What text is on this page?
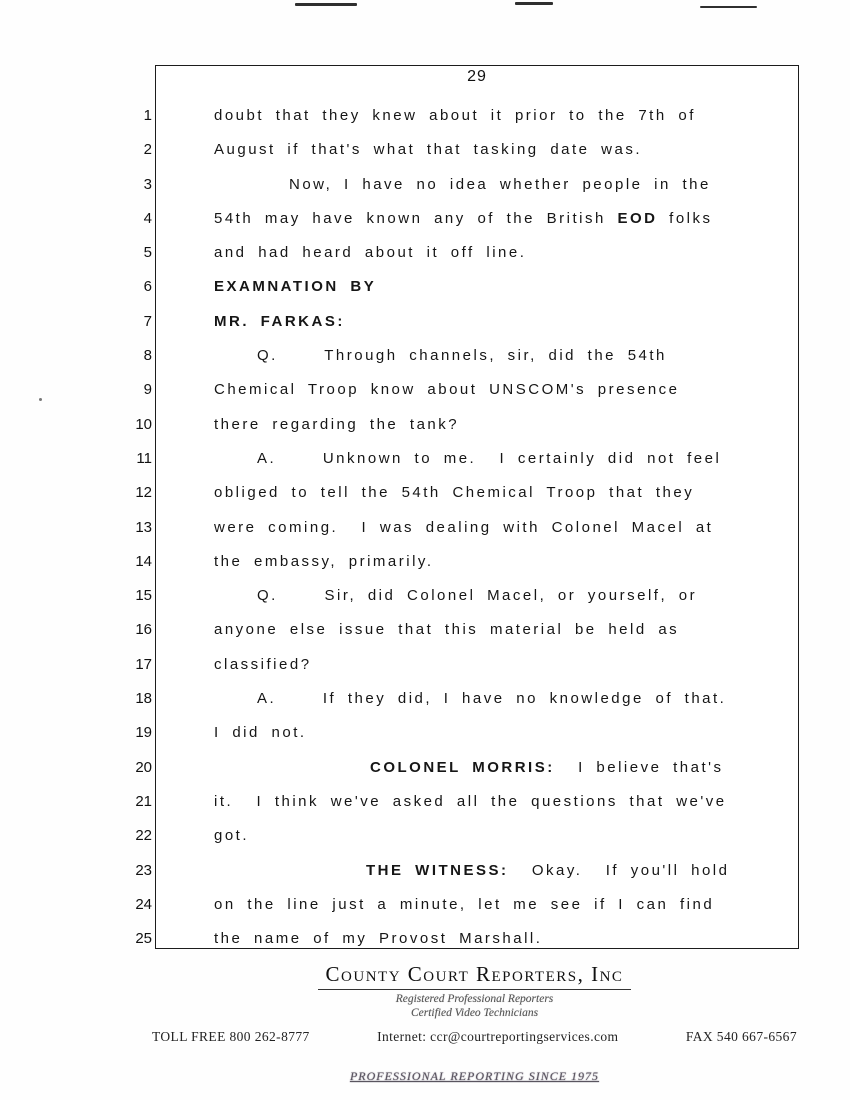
29
1	doubt that they knew about it prior to the 7th of
2	August if that's what that tasking date was.
3	Now, I have no idea whether people in the
4	54th may have known any of the British EOD folks
5	and had heard about it off line.
6	EXAMNATION BY
7	MR. FARKAS:
8	Q.    Through channels, sir, did the 54th
9	Chemical Troop know about UNSCOM's presence
10	there regarding the tank?
11	A.    Unknown to me.  I certainly did not feel
12	obliged to tell the 54th Chemical Troop that they
13	were coming.  I was dealing with Colonel Macel at
14	the embassy, primarily.
15	Q.    Sir, did Colonel Macel, or yourself, or
16	anyone else issue that this material be held as
17	classified?
18	A.    If they did, I have no knowledge of that.
19	I did not.
20	COLONEL MORRIS:  I believe that's
21	it.  I think we've asked all the questions that we've
22	got.
23	THE WITNESS:  Okay.  If you'll hold
24	on the line just a minute, let me see if I can find
25	the name of my Provost Marshall.
County Court Reporters, Inc
Registered Professional Reporters
Certified Video Technicians
TOLL FREE 800 262-8777	Internet: ccr@courtreportingservices.com	FAX 540 667-6567
PROFESSIONAL REPORTING SINCE 1975
